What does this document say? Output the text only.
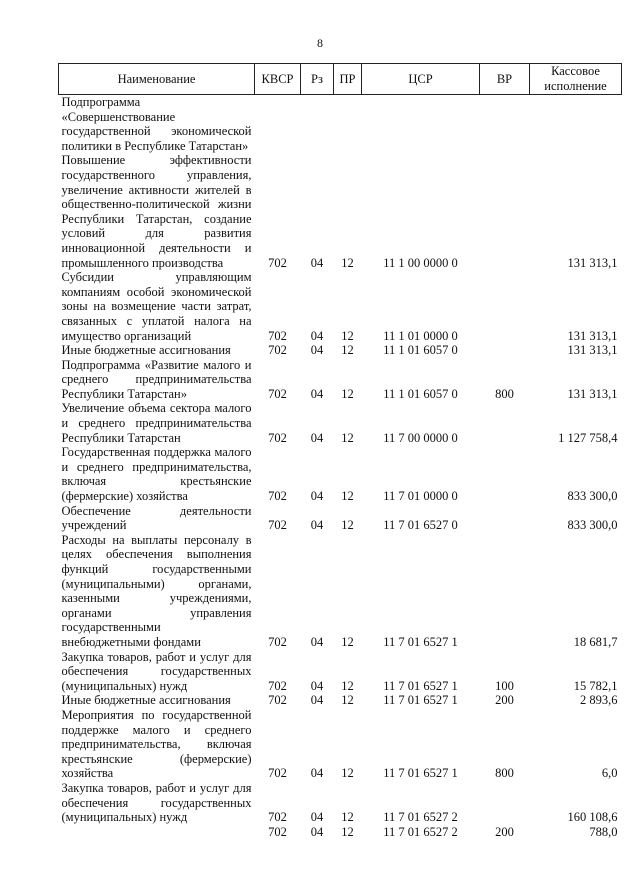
8
Наименование	КВСР	Рз	ПР	ЦСР	ВР	Кассовое исполнение
Подпрограмма «Совершенствование государственной экономической политики в Республике Татарстан»						
Повышение эффективности государственного управления, увеличение активности жителей в общественно-политической жизни Республики Татарстан, создание условий для развития инновационной деятельности и промышленного производства	702	04	12	11 1 00 0000 0		131 313,1
Субсидии управляющим компаниям особой экономической зоны на возмещение части затрат, связанных с уплатой налога на имущество организаций	702	04	12	11 1 01 0000 0		131 313,1
Иные бюджетные ассигнования	702	04	12	11 1 01 6057 0		131 313,1
Подпрограмма «Развитие малого и среднего предпринимательства Республики Татарстан»	702	04	12	11 1 01 6057 0	800	131 313,1
Увеличение объема сектора малого и среднего предпринимательства Республики Татарстан	702	04	12	11 7 00 0000 0		1 127 758,4
Государственная поддержка малого и среднего предпринимательства, включая крестьянские (фермерские) хозяйства	702	04	12	11 7 01 0000 0		833 300,0
Обеспечение деятельности учреждений	702	04	12	11 7 01 6527 0		833 300,0
Расходы на выплаты персоналу в целях обеспечения выполнения функций государственными (муниципальными) органами, казенными учреждениями, органами управления государственными внебюджетными фондами	702	04	12	11 7 01 6527 1		18 681,7
Закупка товаров, работ и услуг для обеспечения государственных (муниципальных) нужд	702	04	12	11 7 01 6527 1	100	15 782,1
Иные бюджетные ассигнования	702	04	12	11 7 01 6527 1	200	2 893,6
Мероприятия по государственной поддержке малого и среднего предпринимательства, включая крестьянские (фермерские) хозяйства	702	04	12	11 7 01 6527 1	800	6,0
Закупка товаров, работ и услуг для обеспечения государственных (муниципальных) нужд	702	04	12	11 7 01 6527 2		160 108,6
	702	04	12	11 7 01 6527 2	200	788,0
